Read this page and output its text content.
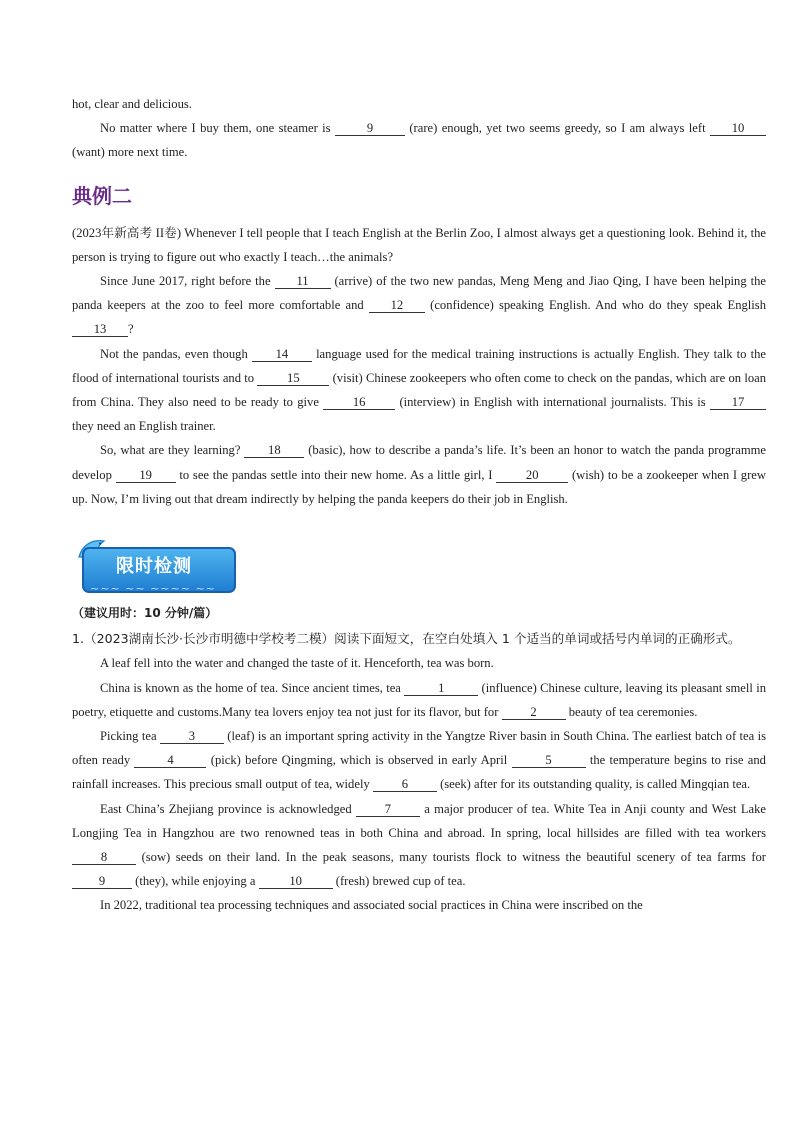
hot, clear and delicious.

No matter where I buy them, one steamer is	9	(rare) enough, yet two seems greedy, so I am always left 10 (want) more next time.

典例二

(2023年新高考 II卷) Whenever I tell people that I teach English at the Berlin Zoo, I almost always get a questioning look. Behind it, the person is trying to figure out who exactly I teach…the animals?

Since June 2017, right before the 11 (arrive) of the two new pandas, Meng Meng and Jiao Qing, I have been helping the panda keepers at the zoo to feel more comfortable and 12 (confidence) speaking English. And who do they speak English 13 ?

Not the pandas, even though 14 language used for the medical training instructions is actually English. They talk to the flood of international tourists and to	15	(visit) Chinese zookeepers who often come to check on the pandas, which are on loan from China. They also need to be ready to give	16	(interview) in English with international journalists. This is 17 they need an English trainer.

So, what are they learning? 18 (basic), how to describe a panda’s life. It’s been an honor to watch the panda programme develop 19 to see the pandas settle into their new home. As a little girl, I	20	(wish) to be a zookeeper when I grew up. Now, I’m living out that dream indirectly by helping the panda keepers do their job in English.

限时检测
~~~ ~~ ~~~~ ~~
（建议用时：10 分钟/篇）

1.（2023湖南长沙·长沙市明德中学校考二模）阅读下面短文，在空白处填入 1 个适当的单词或括号内单词的正确形式。

A leaf fell into the water and changed the taste of it. Henceforth, tea was born.

China is known as the home of tea. Since ancient times, tea	1	(influence) Chinese culture, leaving its pleasant smell in poetry, etiquette and customs.Many tea lovers enjoy tea not just for its flavor, but for	2	beauty of tea ceremonies.

Picking tea	3	(leaf) is an important spring activity in the Yangtze River basin in South China. The earliest batch of tea is often ready	4	(pick) before Qingming, which is observed in early April	5	the temperature begins to rise and rainfall increases. This precious small output of tea, widely	6	(seek) after for its outstanding quality, is called Mingqian tea.

East China’s Zhejiang province is acknowledged	7	a major producer of tea. White Tea in Anji county and West Lake Longjing Tea in Hangzhou are two renowned teas in both China and abroad. In spring, local hillsides are filled with tea workers 8	(sow) seeds on their land. In the peak seasons, many tourists flock to witness the beautiful scenery of tea farms for 9 (they), while enjoying a	10	(fresh) brewed cup of tea.

In 2022, traditional tea processing techniques and associated social practices in China were inscribed on the
